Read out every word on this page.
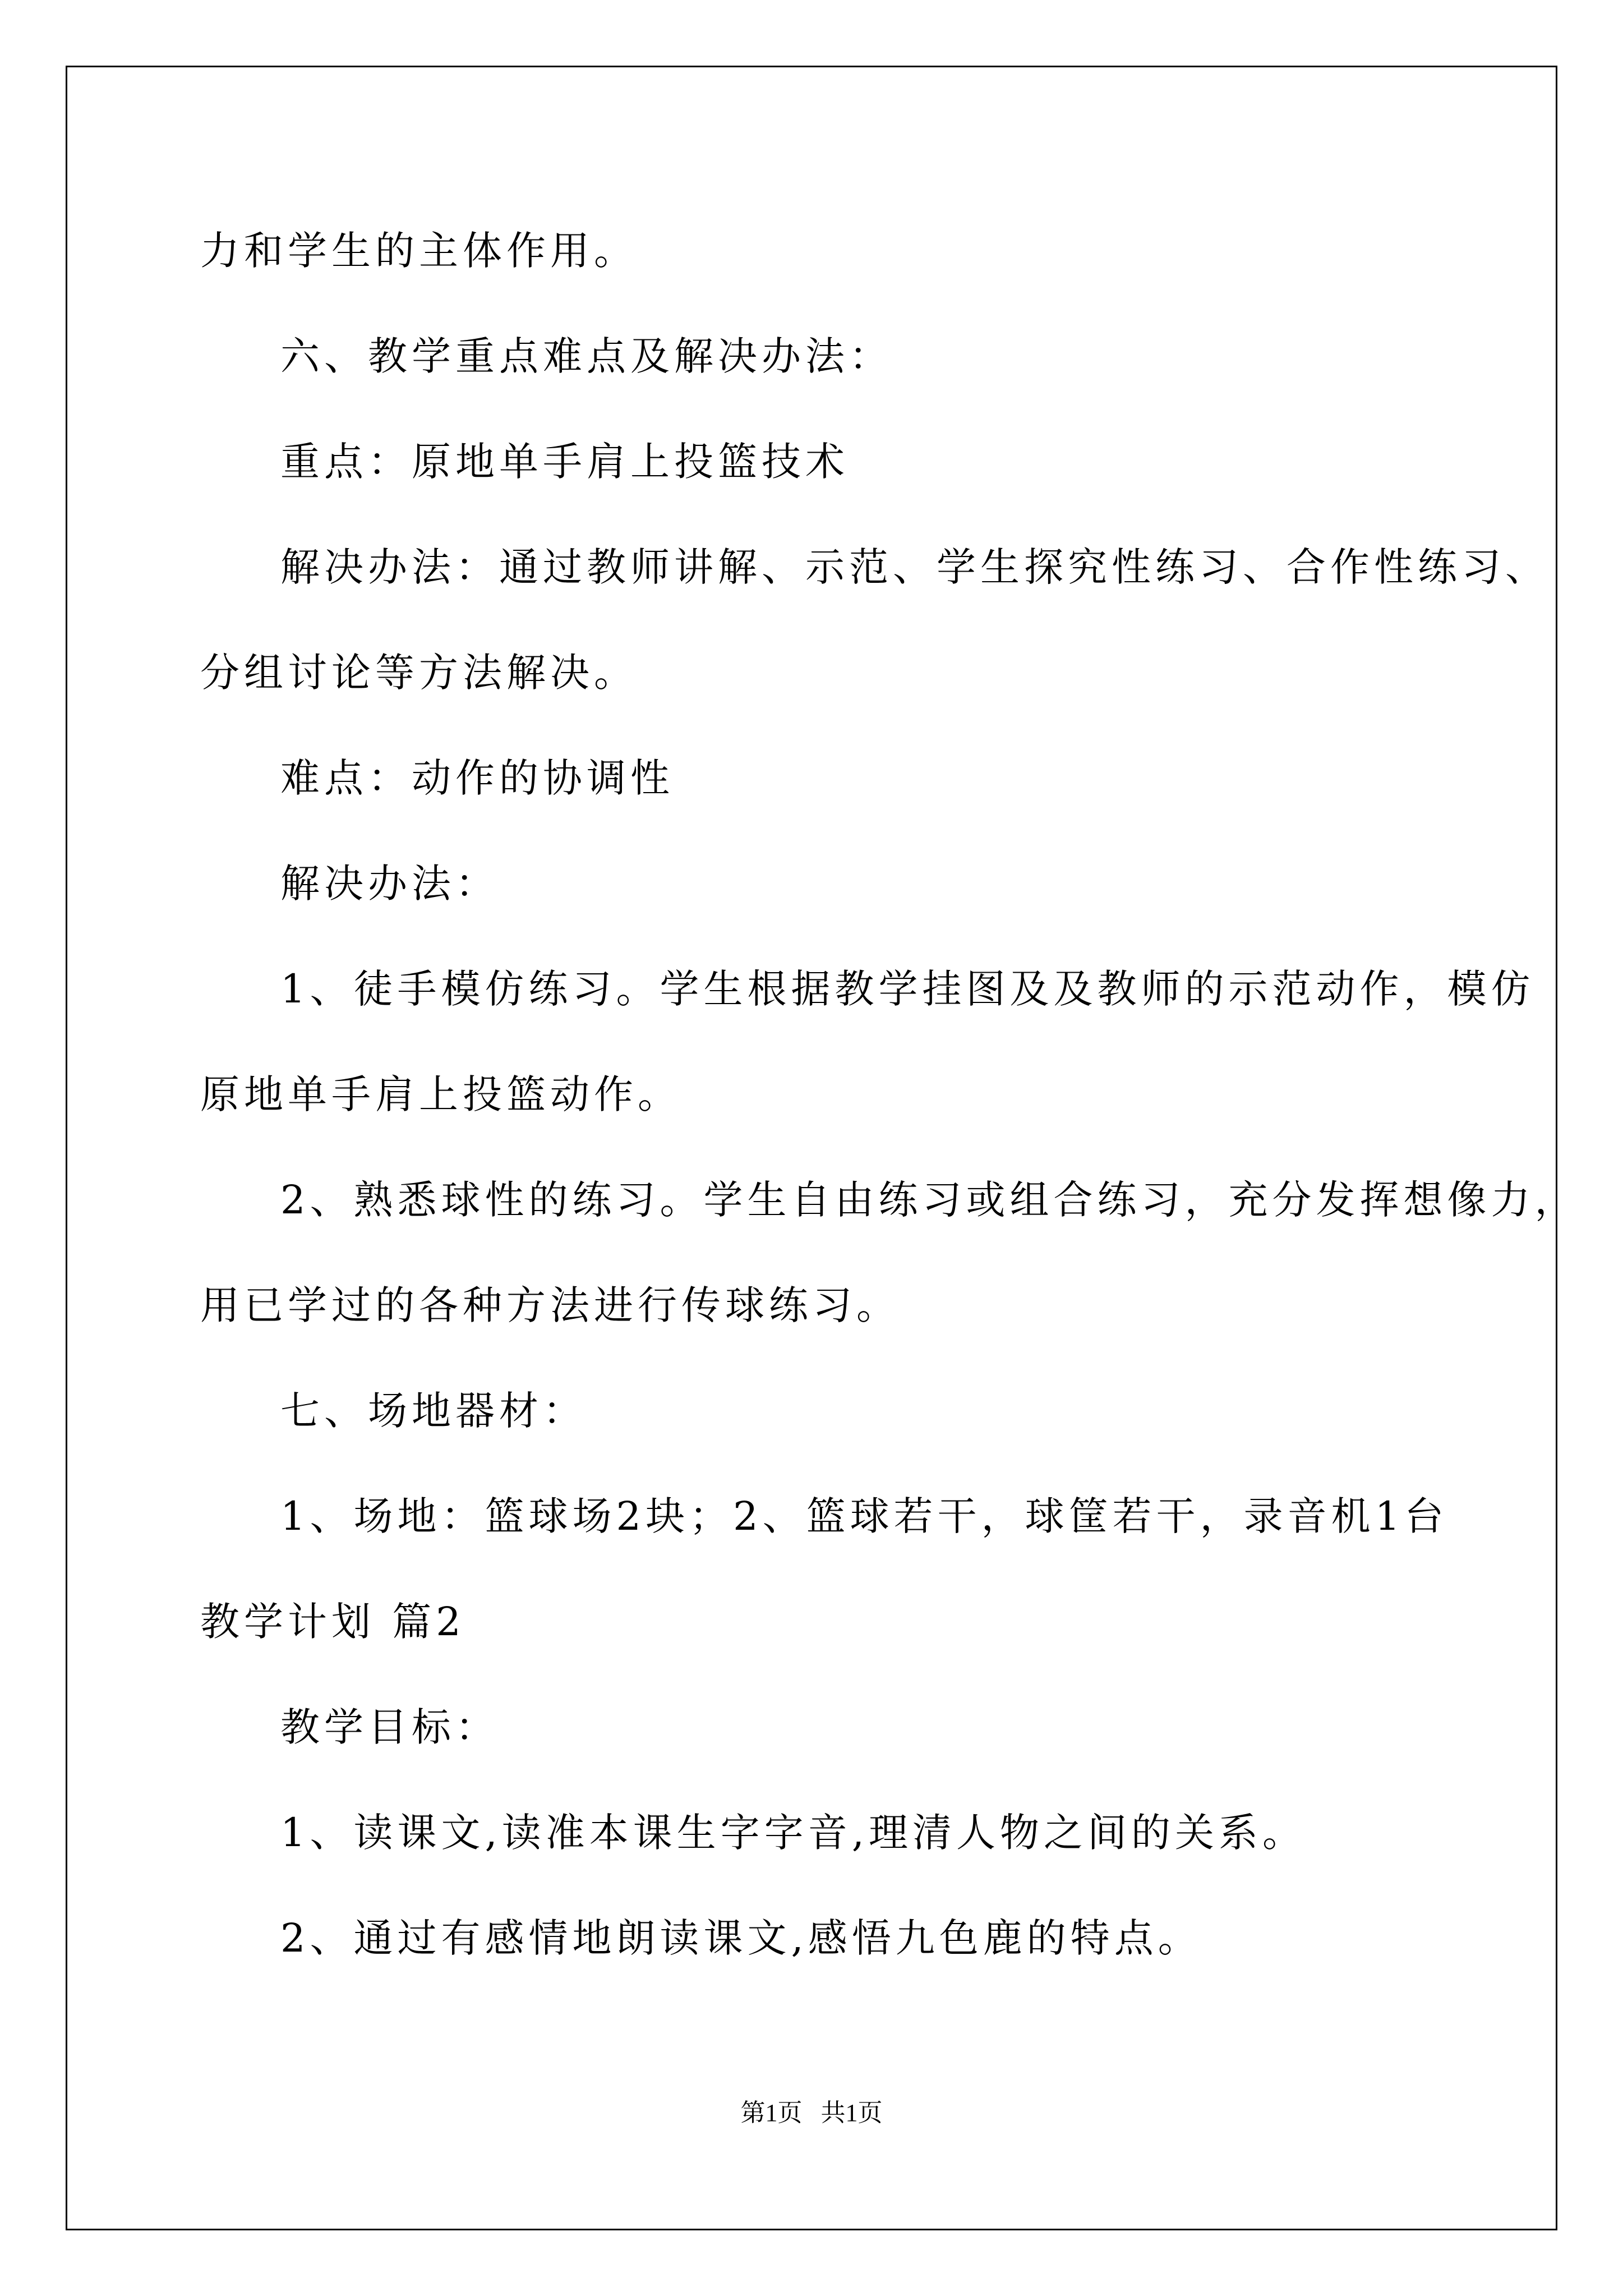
力和学生的主体作用。

六、教学重点难点及解决办法：

重点：原地单手肩上投篮技术

解决办法：通过教师讲解、示范、学生探究性练习、合作性练习、

分组讨论等方法解决。

难点：动作的协调性

解决办法：

1、徒手模仿练习。学生根据教学挂图及及教师的示范动作，模仿

原地单手肩上投篮动作。

2、熟悉球性的练习。学生自由练习或组合练习，充分发挥想像力，

用已学过的各种方法进行传球练习。

七、场地器材：

1、场地：篮球场2块；2、篮球若干，球筐若干，录音机1台

教学计划 篇2

教学目标：

1、读课文,读准本课生字字音,理清人物之间的关系。

2、通过有感情地朗读课文,感悟九色鹿的特点。

第1页   共1页
